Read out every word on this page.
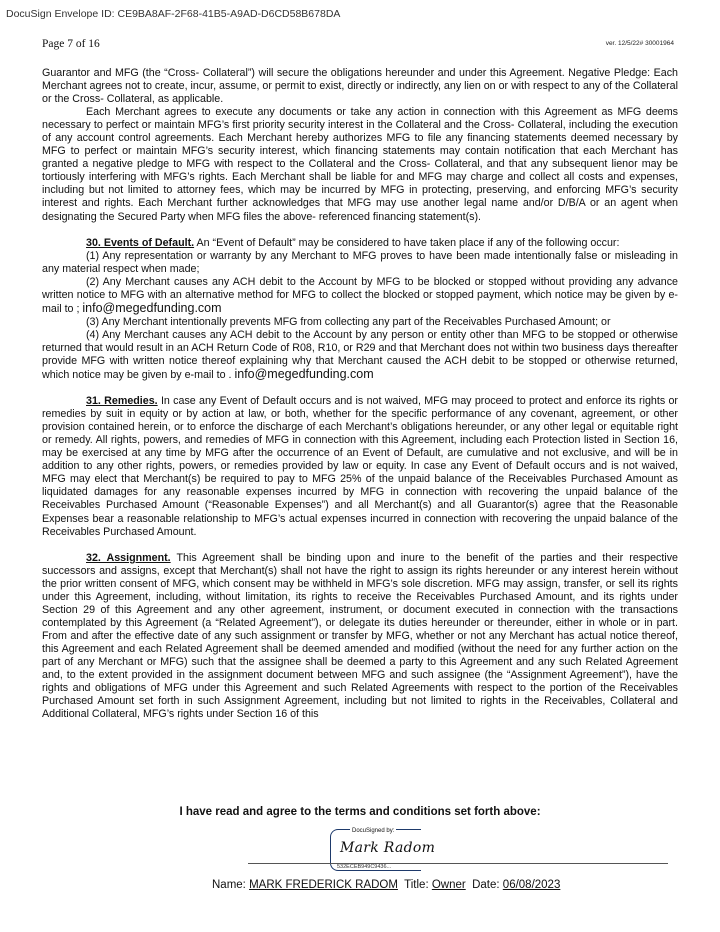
DocuSign Envelope ID: CE9BA8AF-2F68-41B5-A9AD-D6CD58B678DA
Page 7 of 16	ver. 12/5/22# 30001964

Guarantor and MFG (the “Cross- Collateral”) will secure the obligations hereunder and under this Agreement. Negative Pledge: Each Merchant agrees not to create, incur, assume, or permit to exist, directly or indirectly, any lien on or with respect to any of the Collateral or the Cross- Collateral, as applicable.

Each Merchant agrees to execute any documents or take any action in connection with this Agreement as MFG deems necessary to perfect or maintain MFG’s first priority security interest in the Collateral and the Cross- Collateral, including the execution of any account control agreements. Each Merchant hereby authorizes MFG to file any financing statements deemed necessary by MFG to perfect or maintain MFG’s security interest, which financing statements may contain notification that each Merchant has granted a negative pledge to MFG with respect to the Collateral and the Cross- Collateral, and that any subsequent lienor may be tortiously interfering with MFG’s rights. Each Merchant shall be liable for and MFG may charge and collect all costs and expenses, including but not limited to attorney fees, which may be incurred by MFG in protecting, preserving, and enforcing MFG’s security interest and rights. Each Merchant further acknowledges that MFG may use another legal name and/or D/B/A or an agent when designating the Secured Party when MFG files the above- referenced financing statement(s).

30. Events of Default. An “Event of Default” may be considered to have taken place if any of the following occur:

(1) Any representation or warranty by any Merchant to MFG proves to have been made intentionally false or misleading in any material respect when made;

(2) Any Merchant causes any ACH debit to the Account by MFG to be blocked or stopped without providing any advance written notice to MFG with an alternative method for MFG to collect the blocked or stopped payment, which notice may be given by e-mail to ; info@megedfunding.com

(3) Any Merchant intentionally prevents MFG from collecting any part of the Receivables Purchased Amount; or

(4) Any Merchant causes any ACH debit to the Account by any person or entity other than MFG to be stopped or otherwise returned that would result in an ACH Return Code of R08, R10, or R29 and that Merchant does not within two business days thereafter provide MFG with written notice thereof explaining why that Merchant caused the ACH debit to be stopped or otherwise returned, which notice may be given by e-mail to . info@megedfunding.com

31. Remedies. In case any Event of Default occurs and is not waived, MFG may proceed to protect and enforce its rights or remedies by suit in equity or by action at law, or both, whether for the specific performance of any covenant, agreement, or other provision contained herein, or to enforce the discharge of each Merchant’s obligations hereunder, or any other legal or equitable right or remedy. All rights, powers, and remedies of MFG in connection with this Agreement, including each Protection listed in Section 16, may be exercised at any time by MFG after the occurrence of an Event of Default, are cumulative and not exclusive, and will be in addition to any other rights, powers, or remedies provided by law or equity. In case any Event of Default occurs and is not waived, MFG may elect that Merchant(s) be required to pay to MFG 25% of the unpaid balance of the Receivables Purchased Amount as liquidated damages for any reasonable expenses incurred by MFG in connection with recovering the unpaid balance of the Receivables Purchased Amount (“Reasonable Expenses”) and all Merchant(s) and all Guarantor(s) agree that the Reasonable Expenses bear a reasonable relationship to MFG’s actual expenses incurred in connection with recovering the unpaid balance of the Receivables Purchased Amount.

32. Assignment. This Agreement shall be binding upon and inure to the benefit of the parties and their respective successors and assigns, except that Merchant(s) shall not have the right to assign its rights hereunder or any interest herein without the prior written consent of MFG, which consent may be withheld in MFG’s sole discretion. MFG may assign, transfer, or sell its rights under this Agreement, including, without limitation, its rights to receive the Receivables Purchased Amount, and its rights under Section 29 of this Agreement and any other agreement, instrument, or document executed in connection with the transactions contemplated by this Agreement (a “Related Agreement”), or delegate its duties hereunder or thereunder, either in whole or in part. From and after the effective date of any such assignment or transfer by MFG, whether or not any Merchant has actual notice thereof, this Agreement and each Related Agreement shall be deemed amended and modified (without the need for any further action on the part of any Merchant or MFG) such that the assignee shall be deemed a party to this Agreement and any such Related Agreement and, to the extent provided in the assignment document between MFG and such assignee (the “Assignment Agreement”), have the rights and obligations of MFG under this Agreement and such Related Agreements with respect to the portion of the Receivables Purchased Amount set forth in such Assignment Agreement, including but not limited to rights in the Receivables, Collateral and Additional Collateral, MFG’s rights under Section 16 of this

I have read and agree to the terms and conditions set forth above:
DocuSigned by:
Mark Radom
532ECEB949C9436...
Name: MARK FREDERICK RADOM Title: Owner Date: 06/08/2023
